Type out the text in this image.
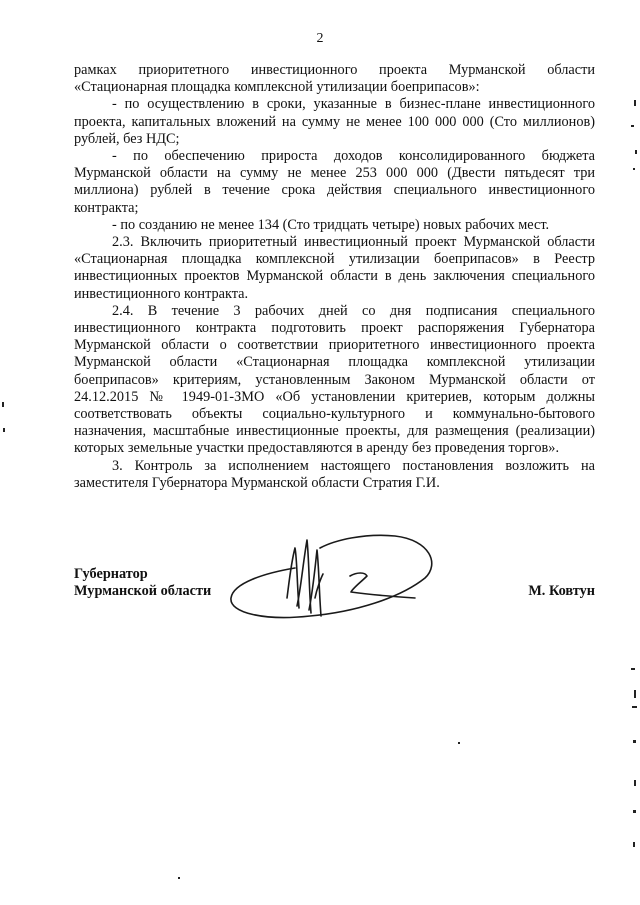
2

рамках приоритетного инвестиционного проекта Мурманской области «Стационарная площадка комплексной утилизации боеприпасов»:

- по осуществлению в сроки, указанные в бизнес-плане инвестиционного проекта, капитальных вложений на сумму не менее 100 000 000 (Сто миллионов) рублей, без НДС;

- по обеспечению прироста доходов консолидированного бюджета Мурманской области на сумму не менее 253 000 000 (Двести пятьдесят три миллиона) рублей в течение срока действия специального инвестиционного контракта;

- по созданию не менее 134 (Сто тридцать четыре) новых рабочих мест.

2.3. Включить приоритетный инвестиционный проект Мурманской области «Стационарная площадка комплексной утилизации боеприпасов» в Реестр инвестиционных проектов Мурманской области в день заключения специального инвестиционного контракта.

2.4. В течение 3 рабочих дней со дня подписания специального инвестиционного контракта подготовить проект распоряжения Губернатора Мурманской области о соответствии приоритетного инвестиционного проекта Мурманской области «Стационарная площадка комплексной утилизации боеприпасов» критериям, установленным Законом Мурманской области от 24.12.2015 № 1949-01-ЗМО «Об установлении критериев, которым должны соответствовать объекты социально-культурного и коммунально-бытового назначения, масштабные инвестиционные проекты, для размещения (реализации) которых земельные участки предоставляются в аренду без проведения торгов».

3. Контроль за исполнением настоящего постановления возложить на заместителя Губернатора Мурманской области Стратия Г.И.

Губернатор
Мурманской области	М. Ковтун
